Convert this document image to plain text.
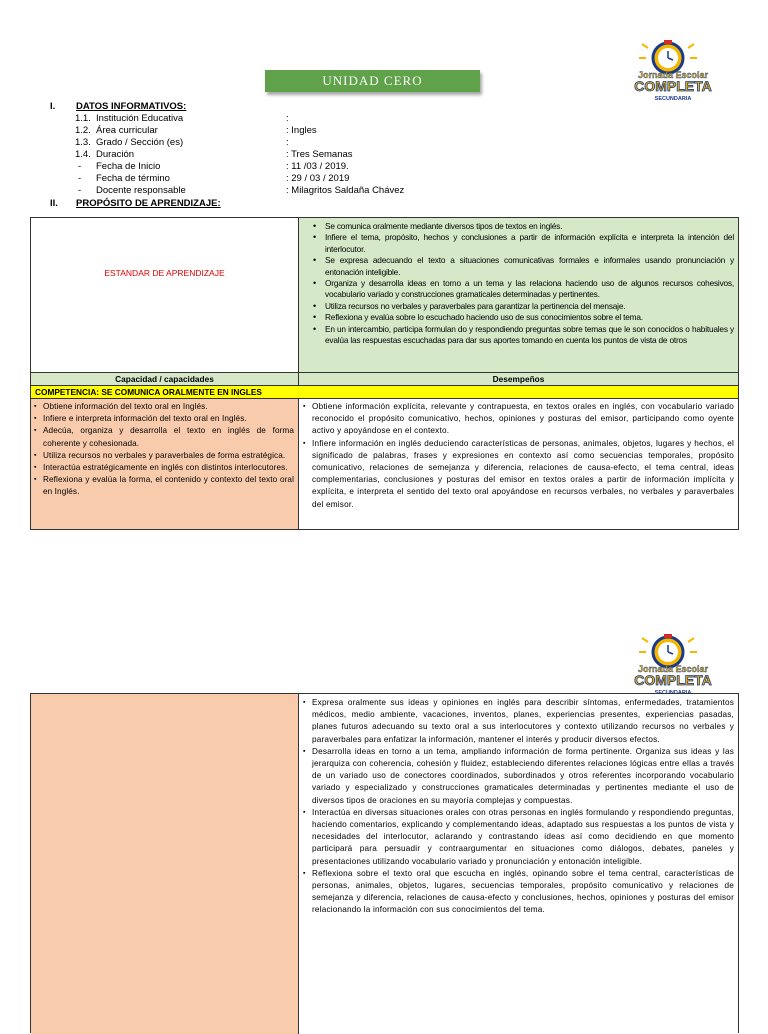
Jornada Escolar
COMPLETA
SECUNDARIA
UNIDAD CERO
I. DATOS INFORMATIVOS:
1.1. Institución Educativa	:
1.2. Área curricular	: Ingles
1.3. Grado / Sección (es)	:
1.4. Duración	: Tres Semanas
- Fecha de Inicio	: 11 /03 / 2019.
- Fecha de término	: 29 / 03 / 2019
- Docente responsable	: Milagritos Saldaña Chávez
II. PROPÓSITO DE APRENDIZAJE:
ESTANDAR DE APRENDIZAJE
• Se comunica oralmente mediante diversos tipos de textos en inglés.
• Infiere el tema, propósito, hechos y conclusiones a partir de información explícita e interpreta la intención del interlocutor.
• Se expresa adecuando el texto a situaciones comunicativas formales e informales usando pronunciación y entonación inteligible.
• Organiza y desarrolla ideas en torno a un tema y las relaciona haciendo uso de algunos recursos cohesivos, vocabulario variado y construcciones gramaticales determinadas y pertinentes.
• Utiliza recursos no verbales y paraverbales para garantizar la pertinencia del mensaje.
• Reflexiona y evalúa sobre lo escuchado haciendo uso de sus conocimientos sobre el tema.
• En un intercambio, participa formulan do y respondiendo preguntas sobre temas que le son conocidos o habituales y evalúa las respuestas escuchadas para dar sus aportes tomando en cuenta los puntos de vista de otros
Capacidad / capacidades	Desempeños
COMPETENCIA: SE COMUNICA ORALMENTE EN INGLES
▪ Obtiene información del texto oral en Inglés.
▪ Infiere e interpreta información del texto oral en Inglés.
▪ Adecúa, organiza y desarrolla el texto en inglés de forma coherente y cohesionada.
▪ Utiliza recursos no verbales y paraverbales de forma estratégica.
▪ Interactúa estratégicamente en inglés con distintos interlocutores.
▪ Reflexiona y evalúa la forma, el contenido y contexto del texto oral en Inglés.
▪ Obtiene información explícita, relevante y contrapuesta, en textos orales en inglés, con vocabulario variado reconocido el propósito comunicativo, hechos, opiniones y posturas del emisor, participando como oyente activo y apoyándose en el contexto.
▪ Infiere información en inglés deduciendo características de personas, animales, objetos, lugares y hechos, el significado de palabras, frases y expresiones en contexto así como secuencias temporales, propósito comunicativo, relaciones de semejanza y diferencia, relaciones de causa-efecto, el tema central, ideas complementarias, conclusiones y posturas del emisor en textos orales a partir de información implícita y explícita, e interpreta el sentido del texto oral apoyándose en recursos verbales, no verbales y paraverbales del emisor.
Jornada Escolar
COMPLETA
SECUNDARIA
▪ Expresa oralmente sus ideas y opiniones en inglés para describir síntomas, enfermedades, tratamientos médicos, medio ambiente, vacaciones, inventos, planes, experiencias presentes, experiencias pasadas, planes futuros adecuando su texto oral a sus interlocutores y contexto utilizando recursos no verbales y paraverbales para enfatizar la información, mantener el interés y producir diversos efectos.
▪ Desarrolla ideas en torno a un tema, ampliando información de forma pertinente. Organiza sus ideas y las jerarquiza con coherencia, cohesión y fluidez, estableciendo diferentes relaciones lógicas entre ellas a través de un variado uso de conectores coordinados, subordinados y otros referentes incorporando vocabulario variado y especializado y construcciones gramaticales determinadas y pertinentes mediante el uso de diversos tipos de oraciones en su mayoría complejas y compuestas.
▪ Interactúa en diversas situaciones orales con otras personas en inglés formulando y respondiendo preguntas, haciendo comentarios, explicando y complementando ideas, adaptado sus respuestas a los puntos de vista y necesidades del interlocutor, aclarando y contrastando ideas así como decidiendo en que momento participará para persuadir y contraargumentar en situaciones como diálogos, debates, paneles y presentaciones utilizando vocabulario variado y pronunciación y entonación inteligible.
▪ Reflexiona sobre el texto oral que escucha en inglés, opinando sobre el tema central, características de personas, animales, objetos, lugares, secuencias temporales, propósito comunicativo y relaciones de semejanza y diferencia, relaciones de causa-efecto y conclusiones, hechos, opiniones y posturas del emisor relacionando la información con sus conocimientos del tema.
